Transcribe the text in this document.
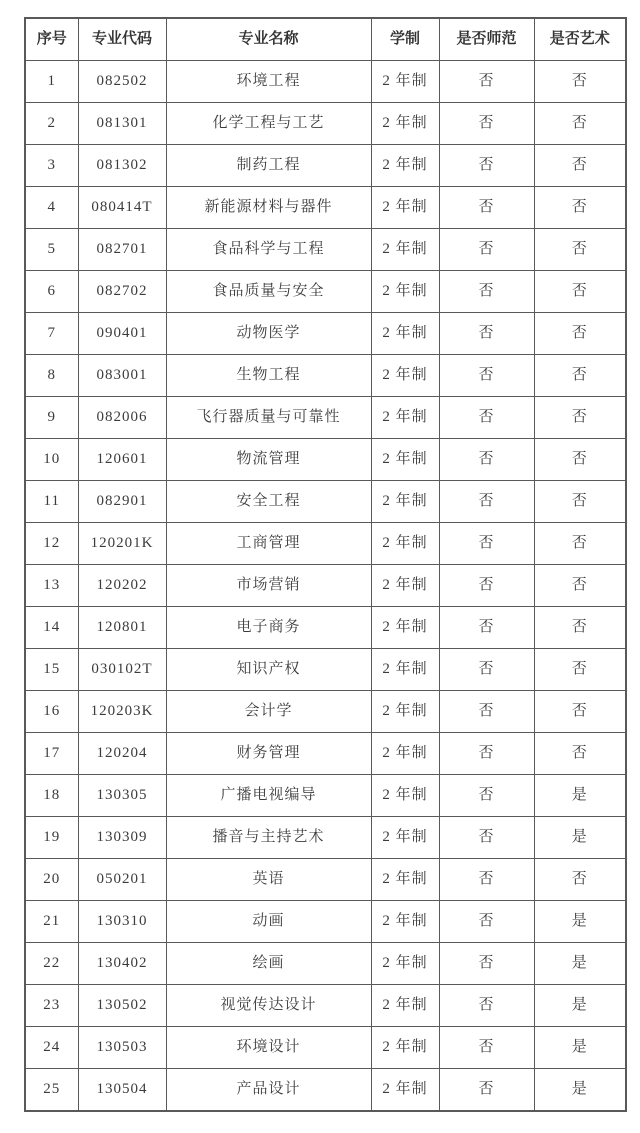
序号	专业代码	专业名称	学制	是否师范	是否艺术
1	082502	环境工程	2 年制	否	否
2	081301	化学工程与工艺	2 年制	否	否
3	081302	制药工程	2 年制	否	否
4	080414T	新能源材料与器件	2 年制	否	否
5	082701	食品科学与工程	2 年制	否	否
6	082702	食品质量与安全	2 年制	否	否
7	090401	动物医学	2 年制	否	否
8	083001	生物工程	2 年制	否	否
9	082006	飞行器质量与可靠性	2 年制	否	否
10	120601	物流管理	2 年制	否	否
11	082901	安全工程	2 年制	否	否
12	120201K	工商管理	2 年制	否	否
13	120202	市场营销	2 年制	否	否
14	120801	电子商务	2 年制	否	否
15	030102T	知识产权	2 年制	否	否
16	120203K	会计学	2 年制	否	否
17	120204	财务管理	2 年制	否	否
18	130305	广播电视编导	2 年制	否	是
19	130309	播音与主持艺术	2 年制	否	是
20	050201	英语	2 年制	否	否
21	130310	动画	2 年制	否	是
22	130402	绘画	2 年制	否	是
23	130502	视觉传达设计	2 年制	否	是
24	130503	环境设计	2 年制	否	是
25	130504	产品设计	2 年制	否	是
